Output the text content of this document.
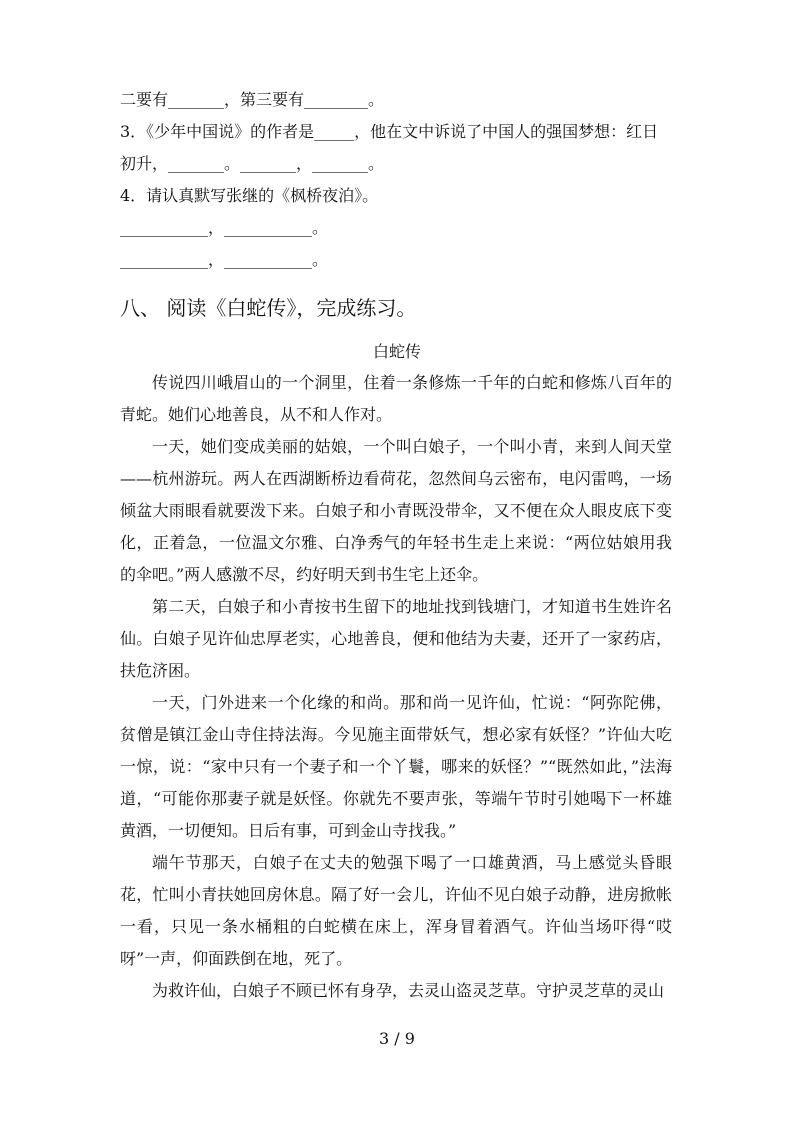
二要有_______，第三要有________。
3．《少年中国说》的作者是_____，他在文中诉说了中国人的强国梦想：红日
初升，_______。_______，_______。
4．请认真默写张继的《枫桥夜泊》。
___________，___________。
___________，___________。
八、 阅读《白蛇传》，完成练习。
白蛇传

传说四川峨眉山的一个洞里，住着一条修炼一千年的白蛇和修炼八百年的青蛇。她们心地善良，从不和人作对。

一天，她们变成美丽的姑娘，一个叫白娘子，一个叫小青，来到人间天堂——杭州游玩。两人在西湖断桥边看荷花，忽然间乌云密布，电闪雷鸣，一场倾盆大雨眼看就要泼下来。白娘子和小青既没带伞，又不便在众人眼皮底下变化，正着急，一位温文尔雅、白净秀气的年轻书生走上来说：“两位姑娘用我的伞吧。”两人感激不尽，约好明天到书生宅上还伞。

第二天，白娘子和小青按书生留下的地址找到钱塘门，才知道书生姓许名仙。白娘子见许仙忠厚老实，心地善良，便和他结为夫妻，还开了一家药店，扶危济困。

一天，门外进来一个化缘的和尚。那和尚一见许仙，忙说：“阿弥陀佛，贫僧是镇江金山寺住持法海。今见施主面带妖气，想必家有妖怪？”许仙大吃一惊，说：“家中只有一个妻子和一个丫鬟，哪来的妖怪？”“既然如此，”法海道，“可能你那妻子就是妖怪。你就先不要声张，等端午节时引她喝下一杯雄黄酒，一切便知。日后有事，可到金山寺找我。”

端午节那天，白娘子在丈夫的勉强下喝了一口雄黄酒，马上感觉头昏眼花，忙叫小青扶她回房休息。隔了好一会儿，许仙不见白娘子动静，进房掀帐一看，只见一条水桶粗的白蛇横在床上，浑身冒着酒气。许仙当场吓得“哎呀”一声，仰面跌倒在地，死了。

为救许仙，白娘子不顾已怀有身孕，去灵山盗灵芝草。守护灵芝草的灵山

3 / 9
